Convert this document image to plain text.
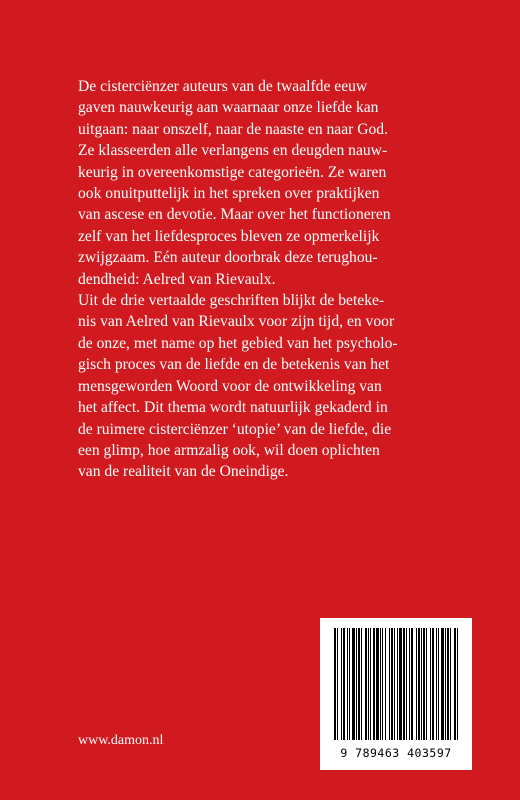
De cisterciënzer auteurs van de twaalfde eeuw
gaven nauwkeurig aan waarnaar onze liefde kan
uitgaan: naar onszelf, naar de naaste en naar God.
Ze klasseerden alle verlangens en deugden nauw-
keurig in overeenkomstige categorieën. Ze waren
ook onuitputtelijk in het spreken over praktijken
van ascese en devotie. Maar over het functioneren
zelf van het liefdesproces bleven ze opmerkelijk
zwijgzaam. Eén auteur doorbrak deze terughou-
dendheid: Aelred van Rievaulx.

Uit de drie vertaalde geschriften blijkt de beteke-
nis van Aelred van Rievaulx voor zijn tijd, en voor
de onze, met name op het gebied van het psycholo-
gisch proces van de liefde en de betekenis van het
mensgeworden Woord voor de ontwikkeling van
het affect. Dit thema wordt natuurlijk gekaderd in
de ruimere cisterciënzer ‘utopie’ van de liefde, die
een glimp, hoe armzalig ook, wil doen oplichten
van de realiteit van de Oneindige.

www.damon.nl
9 789463 403597
